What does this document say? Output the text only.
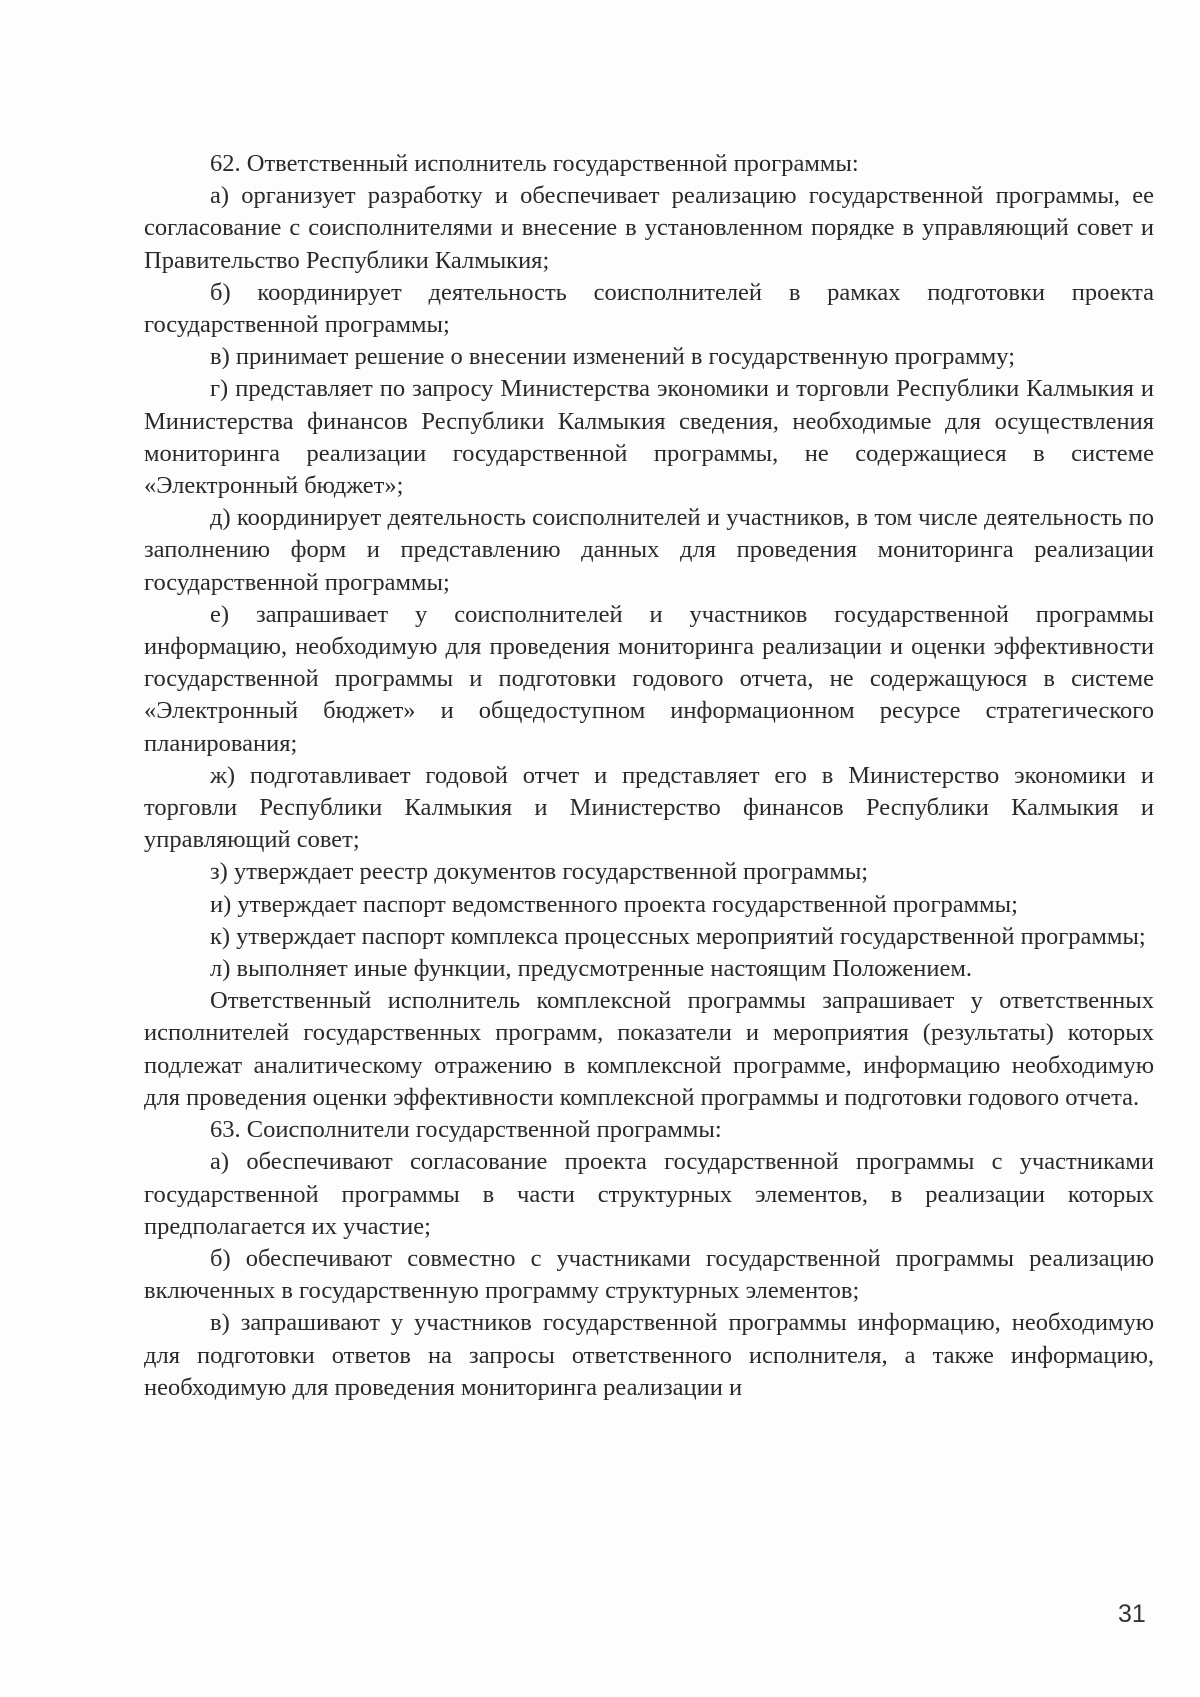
62. Ответственный исполнитель государственной программы:

а) организует разработку и обеспечивает реализацию государственной программы, ее согласование с соисполнителями и внесение в установленном порядке в управляющий совет и Правительство Республики Калмыкия;

б) координирует деятельность соисполнителей в рамках подготовки проекта государственной программы;

в) принимает решение о внесении изменений в государственную программу;

г) представляет по запросу Министерства экономики и торговли Республики Калмыкия и Министерства финансов Республики Калмыкия сведения, необходимые для осуществления мониторинга реализации государственной программы, не содержащиеся в системе «Электронный бюджет»;

д) координирует деятельность соисполнителей и участников, в том числе деятельность по заполнению форм и представлению данных для проведения мониторинга реализации государственной программы;

е) запрашивает у соисполнителей и участников государственной программы информацию, необходимую для проведения мониторинга реализации и оценки эффективности государственной программы и подготовки годового отчета, не содержащуюся в системе «Электронный бюджет» и общедоступном информационном ресурсе стратегического планирования;

ж) подготавливает годовой отчет и представляет его в Министерство экономики и торговли Республики Калмыкия и Министерство финансов Республики Калмыкия и управляющий совет;

з) утверждает реестр документов государственной программы;

и) утверждает паспорт ведомственного проекта государственной программы;

к) утверждает паспорт комплекса процессных мероприятий государственной программы;

л) выполняет иные функции, предусмотренные настоящим Положением.

Ответственный исполнитель комплексной программы запрашивает у ответственных исполнителей государственных программ, показатели и мероприятия (результаты) которых подлежат аналитическому отражению в комплексной программе, информацию необходимую для проведения оценки эффективности комплексной программы и подготовки годового отчета.

63. Соисполнители государственной программы:

а) обеспечивают согласование проекта государственной программы с участниками государственной программы в части структурных элементов, в реализации которых предполагается их участие;

б) обеспечивают совместно с участниками государственной программы реализацию включенных в государственную программу структурных элементов;

в) запрашивают у участников государственной программы информацию, необходимую для подготовки ответов на запросы ответственного исполнителя, а также информацию, необходимую для проведения мониторинга реализации и

31
